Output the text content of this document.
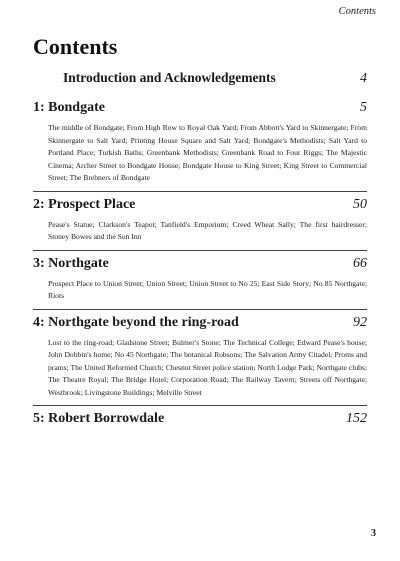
Contents
Contents
Introduction and Acknowledgements	4
1: Bondgate	5
The middle of Bondgate; From High Row to Royal Oak Yard; From Abbott's Yard to Skinnergate; From Skinnergate to Salt Yard; Printing House Square and Salt Yard; Bondgate's Methodists; Salt Yard to Portland Place; Turkish Baths; Greenbank Methodists; Greenbank Road to Four Riggs; The Majestic Cinema; Archer Street to Bondgate House; Bondgate House to King Street; King Street to Commercial Street; The Brebners of Bondgate
2: Prospect Place	50
Pease's Statue; Clarkson's Teapot; Tanfield's Emporium; Creed Wheat Sally; The first hairdresser; Stoney Bowes and the Sun Inn
3: Northgate	66
Prospect Place to Union Street; Union Street; Union Street to No 25; East Side Story; No 85 Northgate; Riots
4: Northgate beyond the ring-road	92
Lost to the ring-road; Gladstone Street; Bulmer's Stone; The Technical College; Edward Pease's house; John Dobbin's home; No 45 Northgate; The botanical Robsons; The Salvation Army Citadel; Proms and prams; The United Reformed Church; Chesnut Street police station; North Lodge Park; Northgate clubs; The Theatre Royal; The Bridge Hotel; Corporation Road; The Railway Tavern; Streets off Northgate; Westbrook; Livingstone Buildings; Melville Street
5: Robert Borrowdale	152
3
